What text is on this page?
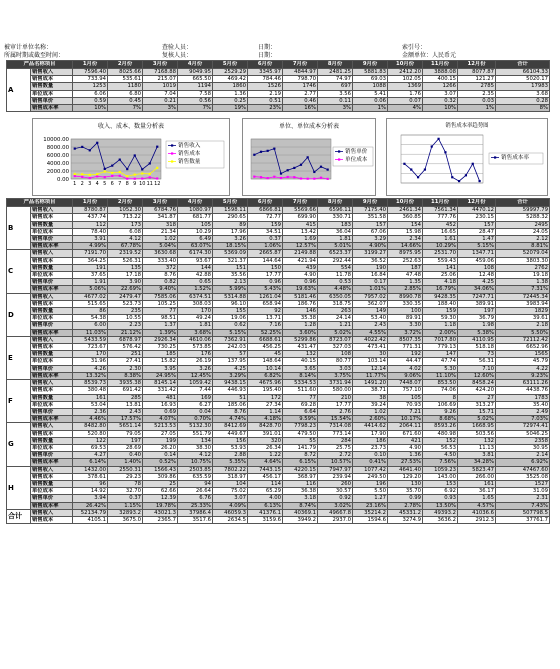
被审计单位名称：	查验人员：	日期：	索引号：
所属时期或截至时间：	复核人员：	日期：	金额单位：人民币元
产品名称项目		1月份	2月份	3月份	4月份	5月份	6月份	7月份	8月份	9月份	10月份	11月份	12月份	合计
A	销售收入	7596.40	8025.66	7168.88	9049.95	2529.29	3345.97	4844.97	2481.25	5881.83	2412.20	3888.08	8077.87	66104.33
	销售成本	733.94	535.61	215.07	665.50	469.42	784.46	798.70	74.97	69.03	102.05	400.15	121.27	5020.17
	销售数量	1253	1180	1019	1194	1860	1526	1746	697	1088	1369	1266	2785	17983
	单位成本	6.06	6.80	7.04	7.58	1.36	2.19	2.77	3.56	5.41	1.76	3.07	2.35	3.68
	销售单价	0.59	0.45	0.21	0.56	0.25	0.51	0.46	0.11	0.06	0.07	0.32	0.03	0.28
	销售成本率	10%	7%	3%	7%	19%	23%	16%	3%	1%	4%	10%	1%	8%
收入、成本、数量分析表
10000.00
8000.00
6000.00
4000.00
2000.00
0.00
1 2 3 4 5 6 7 8 9 10 11 12
销售收入
销售成本
销售数量
单位、单位成本分析表
销售单价
单位成本
销售成本率趋势图
销售成本率
产品名称项目		1月份	2月份	3月份	4月份	5月份	6月份	7月份	8月份	9月份	10月份	11月份	12月份	合计
B	销售收入	8780.87	1052.30	6784.76	1080.97	1598.11	6866.81	5569.66	6596.11	7175.40	2461.34	7561.34	4470.12	59997.79
	销售成本	437.74	713.22	341.87	681.77	290.65	72.77	699.90	330.71	351.58	360.85	777.76	230.15	5288.32
	销售数量	112	173	318	105	89	159	415	183	157	154	452	157	2495
	单位成本	78.40	6.08	21.34	10.29	17.96	34.51	13.42	36.04	67.06	15.98	16.65	28.47	24.05
	销售单价	3.91	4.12	1.02	6.49	3.26	0.37	1.69	1.81	3.29	2.34	1.61	1.47	2.12
	销售成本率	4.99%	67.78%	5.04%	63.07%	18.15%	1.06%	12.57%	5.01%	4.90%	14.66%	10.29%	5.15%	8.81%
C	销售收入	7191.70	2319.52	3630.68	6174.30	5369.09	2665.87	2149.88	6523.37	3199.27	8975.95	2531.70	1347.71	52079.04
	销售成本	364.25	526.31	333.40	93.67	321.37	144.64	421.94	292.44	36.52	252.63	559.43	459.06	3803.30
	销售数量	191	135	372	144	151	150	439	554	190	187	141	108	2762
	单位成本	37.65	17.18	8.76	42.88	35.56	17.77	4.90	11.78	16.84	47.48	25.06	12.48	19.18
	销售单价	1.91	3.90	0.82	0.65	2.13	0.96	0.96	0.53	0.17	1.35	4.18	4.25	1.38
	销售成本率	5.06%	22.69%	9.40%	1.52%	5.99%	5.43%	19.63%	4.48%	1.01%	2.85%	16.79%	34.06%	7.31%
D	销售收入	4677.02	2479.47	7585.06	6374.51	5314.88	1261.04	5181.46	6350.05	7957.02	8990.78	9428.35	7247.71	72445.34
	销售成本	515.65	523.73	105.25	308.03	96.10	658.94	186.76	318.75	362.07	330.35	188.40	389.91	3983.94
	销售数量	86	235	77	170	155	92	146	263	149	100	159	197	1829
	单位成本	54.38	10.55	98.51	49.24	19.06	13.71	35.38	24.14	53.40	89.91	59.30	36.79	39.61
	销售单价	6.00	2.23	1.37	1.81	0.62	7.16	1.28	1.21	2.43	3.30	1.18	1.98	2.18
	销售成本率	11.03%	21.12%	1.39%	3.68%	5.15%	52.25%	3.60%	5.02%	4.55%	3.72%	2.00%	5.38%	5.50%
E	销售收入	5433.59	6878.97	2926.34	4610.06	7362.91	6688.61	5299.86	8723.07	4022.42	8507.35	7017.80	4110.95	72112.42
	销售成本	723.67	576.42	730.25	573.85	242.03	456.25	431.47	327.03	473.41	771.31	779.13	518.18	6652.96
	销售数量	170	251	185	176	57	45	132	108	30	192	147	73	1565
	单位成本	31.96	27.41	15.82	26.19	137.95	148.64	40.15	80.77	103.14	44.47	47.74	56.31	45.79
	销售单价	4.26	2.30	3.95	3.26	4.25	10.14	3.65	3.03	12.14	4.02	5.30	7.10	4.22
	销售成本率	13.32%	8.38%	24.95%	12.45%	3.29%	6.82%	8.14%	3.75%	11.77%	9.06%	11.10%	12.60%	9.23%
F	销售收入	8539.73	3935.38	8145.14	1059.42	9438.15	4675.96	5334.53	3731.94	1491.20	7448.07	853.50	8458.24	63111.26
	销售成本	380.48	691.42	331.42	7.44	446.93	195.40	511.60	580.00	38.71	757.10	74.06	424.20	4438.76
	销售数量	161	285	481	169	51	172	77	210	38	105	8	27	1783
	单位成本	53.04	13.81	16.93	6.27	185.06	27.34	69.28	17.77	39.24	70.93	106.69	313.27	35.40
	销售单价	2.36	2.43	0.69	0.04	8.76	1.14	6.64	2.76	1.02	7.21	9.26	15.71	2.49
	销售成本率	4.46%	17.57%	4.07%	0.70%	4.74%	4.18%	9.59%	15.54%	2.60%	10.17%	8.68%	5.02%	7.03%
G	销售收入	8482.80	5651.14	5213.53	5132.30	8412.69	8428.70	7798.23	7314.08	4414.62	2064.11	8593.26	1668.95	72974.41
	销售成本	520.80	79.05	27.05	551.79	449.67	391.01	479.50	773.14	17.90	671.60	480.98	503.56	5046.25
	销售数量	122	197	199	134	156	320	55	284	186	421	152	132	2358
	单位成本	69.53	28.69	26.20	38.30	53.93	26.34	141.79	25.75	23.73	4.90	56.53	11.13	30.95
	销售单价	4.27	0.40	0.14	4.12	2.88	1.22	8.72	2.72	0.10	1.36	4.50	3.81	2.14
	销售成本率	6.14%	1.40%	0.52%	10.75%	5.35%	4.64%	6.15%	10.57%	0.41%	27.53%	7.56%	34.28%	6.92%
H	销售收入	1432.00	2550.31	1566.43	2503.85	7802.22	7443.15	4220.15	7947.97	1077.42	4641.40	1059.23	5823.47	47467.60
	销售成本	378.61	29.23	309.86	635.59	318.97	456.17	368.97	239.94	249.50	129.20	143.00	266.00	3525.08
	销售数量	96	78	25	94	104	114	116	260	196	130	153	161	1527
	单位成本	14.92	32.70	62.66	26.64	75.02	65.29	36.38	30.57	5.50	35.70	6.92	36.17	31.09
	销售单价	3.94	0.37	12.39	6.76	3.07	4.00	3.18	0.92	1.27	0.99	0.93	1.65	2.31
	销售成本率	26.42%	1.15%	19.78%	25.33%	4.09%	6.13%	8.74%	3.02%	23.16%	2.78%	13.50%	4.57%	7.43%
合计	销售收入	52134.79	32893.2	43021.3	37986.4	46059.3	41376.1	40369.1	49667.8	35214.2	45331.2	49393.2	41036.6	507798.5
	销售成本	4105.1	3675.0	2365.7	3517.6	2634.5	3159.6	3949.2	2937.0	1594.6	3274.9	3636.2	2912.3	37761.7
